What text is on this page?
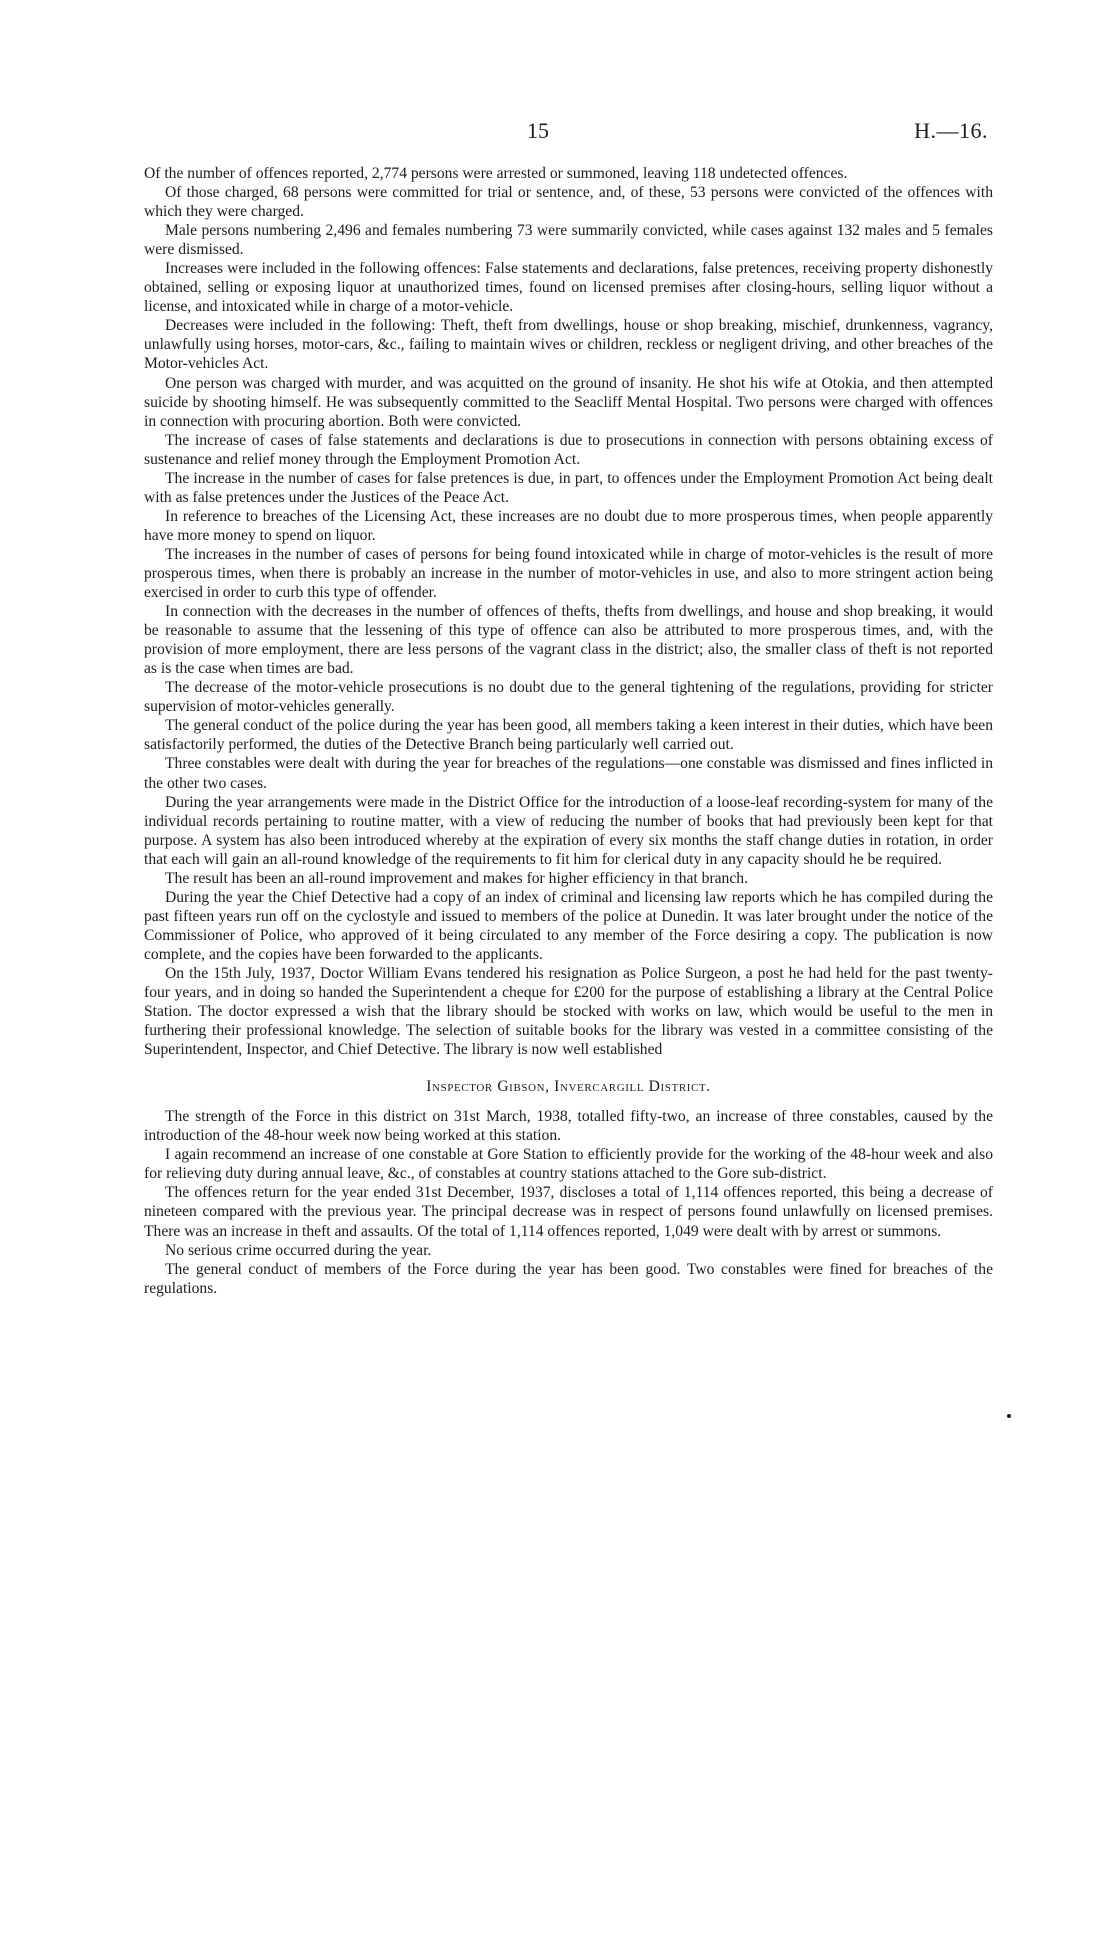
15	H.—16.

Of the number of offences reported, 2,774 persons were arrested or summoned, leaving 118 undetected offences.

Of those charged, 68 persons were committed for trial or sentence, and, of these, 53 persons were convicted of the offences with which they were charged.

Male persons numbering 2,496 and females numbering 73 were summarily convicted, while cases against 132 males and 5 females were dismissed.

Increases were included in the following offences: False statements and declarations, false pretences, receiving property dishonestly obtained, selling or exposing liquor at unauthorized times, found on licensed premises after closing-hours, selling liquor without a license, and intoxicated while in charge of a motor-vehicle.

Decreases were included in the following: Theft, theft from dwellings, house or shop breaking, mischief, drunkenness, vagrancy, unlawfully using horses, motor-cars, &c., failing to maintain wives or children, reckless or negligent driving, and other breaches of the Motor-vehicles Act.

One person was charged with murder, and was acquitted on the ground of insanity. He shot his wife at Otokia, and then attempted suicide by shooting himself. He was subsequently committed to the Seacliff Mental Hospital. Two persons were charged with offences in connection with procuring abortion. Both were convicted.

The increase of cases of false statements and declarations is due to prosecutions in connection with persons obtaining excess of sustenance and relief money through the Employment Promotion Act.

The increase in the number of cases for false pretences is due, in part, to offences under the Employment Promotion Act being dealt with as false pretences under the Justices of the Peace Act.

In reference to breaches of the Licensing Act, these increases are no doubt due to more prosperous times, when people apparently have more money to spend on liquor.

The increases in the number of cases of persons for being found intoxicated while in charge of motor-vehicles is the result of more prosperous times, when there is probably an increase in the number of motor-vehicles in use, and also to more stringent action being exercised in order to curb this type of offender.

In connection with the decreases in the number of offences of thefts, thefts from dwellings, and house and shop breaking, it would be reasonable to assume that the lessening of this type of offence can also be attributed to more prosperous times, and, with the provision of more employment, there are less persons of the vagrant class in the district; also, the smaller class of theft is not reported as is the case when times are bad.

The decrease of the motor-vehicle prosecutions is no doubt due to the general tightening of the regulations, providing for stricter supervision of motor-vehicles generally.

The general conduct of the police during the year has been good, all members taking a keen interest in their duties, which have been satisfactorily performed, the duties of the Detective Branch being particularly well carried out.

Three constables were dealt with during the year for breaches of the regulations—one constable was dismissed and fines inflicted in the other two cases.

During the year arrangements were made in the District Office for the introduction of a loose-leaf recording-system for many of the individual records pertaining to routine matter, with a view of reducing the number of books that had previously been kept for that purpose. A system has also been introduced whereby at the expiration of every six months the staff change duties in rotation, in order that each will gain an all-round knowledge of the requirements to fit him for clerical duty in any capacity should he be required.

The result has been an all-round improvement and makes for higher efficiency in that branch.

During the year the Chief Detective had a copy of an index of criminal and licensing law reports which he has compiled during the past fifteen years run off on the cyclostyle and issued to members of the police at Dunedin. It was later brought under the notice of the Commissioner of Police, who approved of it being circulated to any member of the Force desiring a copy. The publication is now complete, and the copies have been forwarded to the applicants.

On the 15th July, 1937, Doctor William Evans tendered his resignation as Police Surgeon, a post he had held for the past twenty-four years, and in doing so handed the Superintendent a cheque for £200 for the purpose of establishing a library at the Central Police Station. The doctor expressed a wish that the library should be stocked with works on law, which would be useful to the men in furthering their professional knowledge. The selection of suitable books for the library was vested in a committee consisting of the Superintendent, Inspector, and Chief Detective. The library is now well established

Inspector Gibson, Invercargill District.

The strength of the Force in this district on 31st March, 1938, totalled fifty-two, an increase of three constables, caused by the introduction of the 48-hour week now being worked at this station.

I again recommend an increase of one constable at Gore Station to efficiently provide for the working of the 48-hour week and also for relieving duty during annual leave, &c., of constables at country stations attached to the Gore sub-district.

The offences return for the year ended 31st December, 1937, discloses a total of 1,114 offences reported, this being a decrease of nineteen compared with the previous year. The principal decrease was in respect of persons found unlawfully on licensed premises. There was an increase in theft and assaults. Of the total of 1,114 offences reported, 1,049 were dealt with by arrest or summons.

No serious crime occurred during the year.

The general conduct of members of the Force during the year has been good. Two constables were fined for breaches of the regulations.
